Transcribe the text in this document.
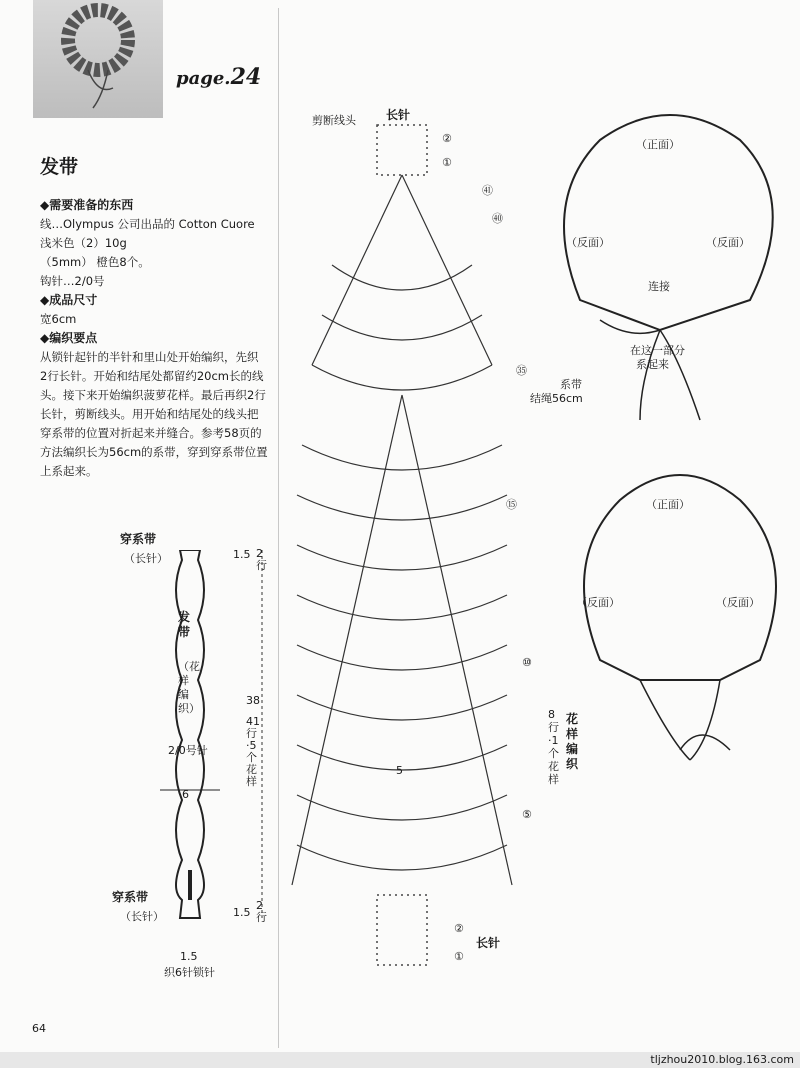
page.24
发带
◆需要准备的东西
线…Olympus 公司出品的 Cotton Cuore
浅米色（2）10g
（5mm） 橙色8个。
钩针…2/0号
◆成品尺寸
宽6cm
◆编织要点
从锁针起针的半针和里山处开始编织，先织
2行长针。开始和结尾处都留约20cm长的线
头。接下来开始编织菠萝花样。最后再织2行
长针，剪断线头。用开始和结尾处的线头把
穿系带的位置对折起来并缝合。参考58页的
方法编织长为56cm的系带，穿到穿系带位置
上系起来。
穿系带
（长针）
发带
（花样编织）
2/0号针
6
穿系带
（长针）
1.5 2行
38
41行·5个花样
1.5
2行
1.5
织6针锁针
长针
剪断线头
②
①
㊶
㊵
㉟
⑮
⑩
⑤
②
①
长针
花样编织
8行·1个花样
5
（正面）
（反面）	（反面）
连接
在这一部分
系起来
系带
结绳56cm
（正面）
（反面）	（反面）
64
tljzhou2010.blog.163.com
